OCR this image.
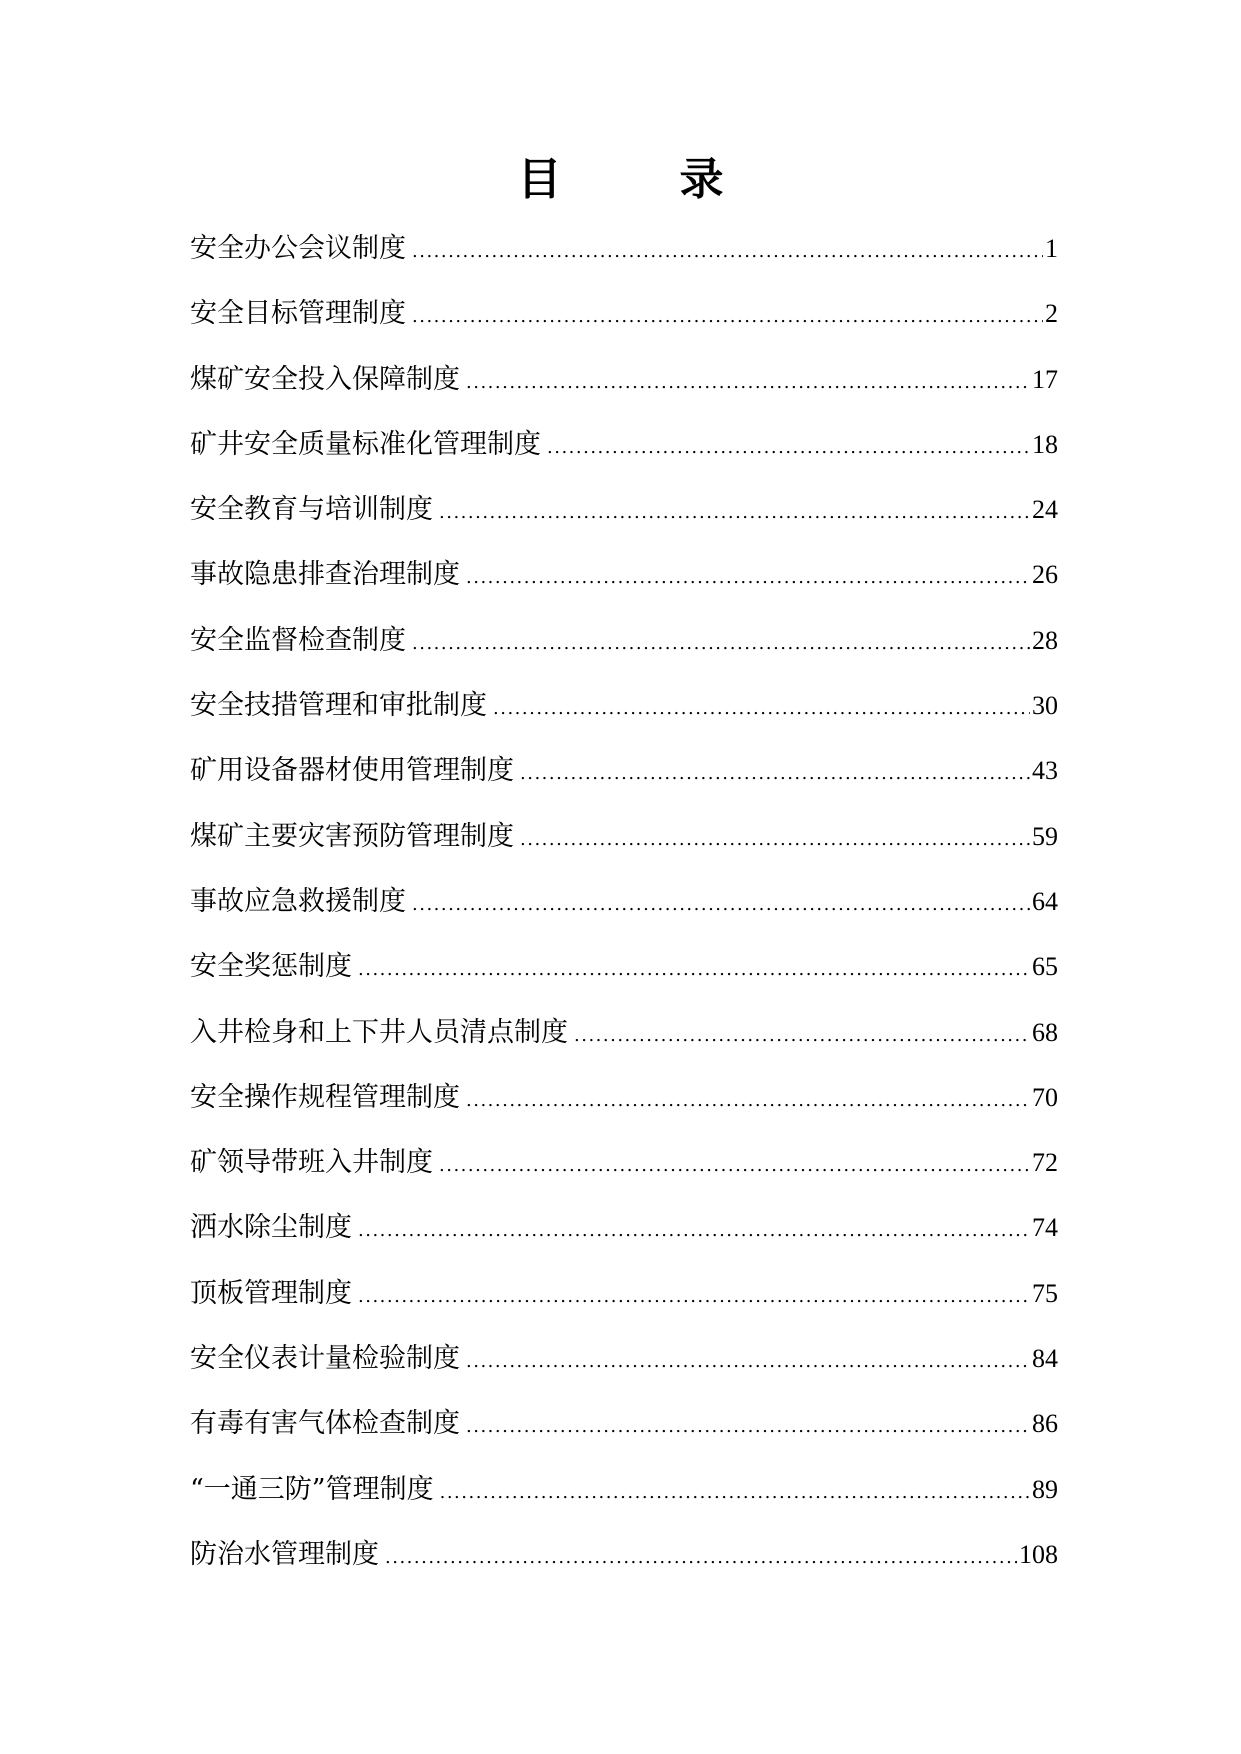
目	录
安全办公会议制度 .....	1
安全目标管理制度 .....	2
煤矿安全投入保障制度 .....	17
矿井安全质量标准化管理制度 .....	18
安全教育与培训制度 .....	24
事故隐患排查治理制度 .....	26
安全监督检查制度 .....	28
安全技措管理和审批制度 .....	30
矿用设备器材使用管理制度 .....	43
煤矿主要灾害预防管理制度 .....	59
事故应急救援制度 .....	64
安全奖惩制度 .....	65
入井检身和上下井人员清点制度 .....	68
安全操作规程管理制度 .....	70
矿领导带班入井制度 .....	72
洒水除尘制度 .....	74
顶板管理制度 .....	75
安全仪表计量检验制度 .....	84
有毒有害气体检查制度 .....	86
“一通三防”管理制度 .....	89
防治水管理制度 .....	108
